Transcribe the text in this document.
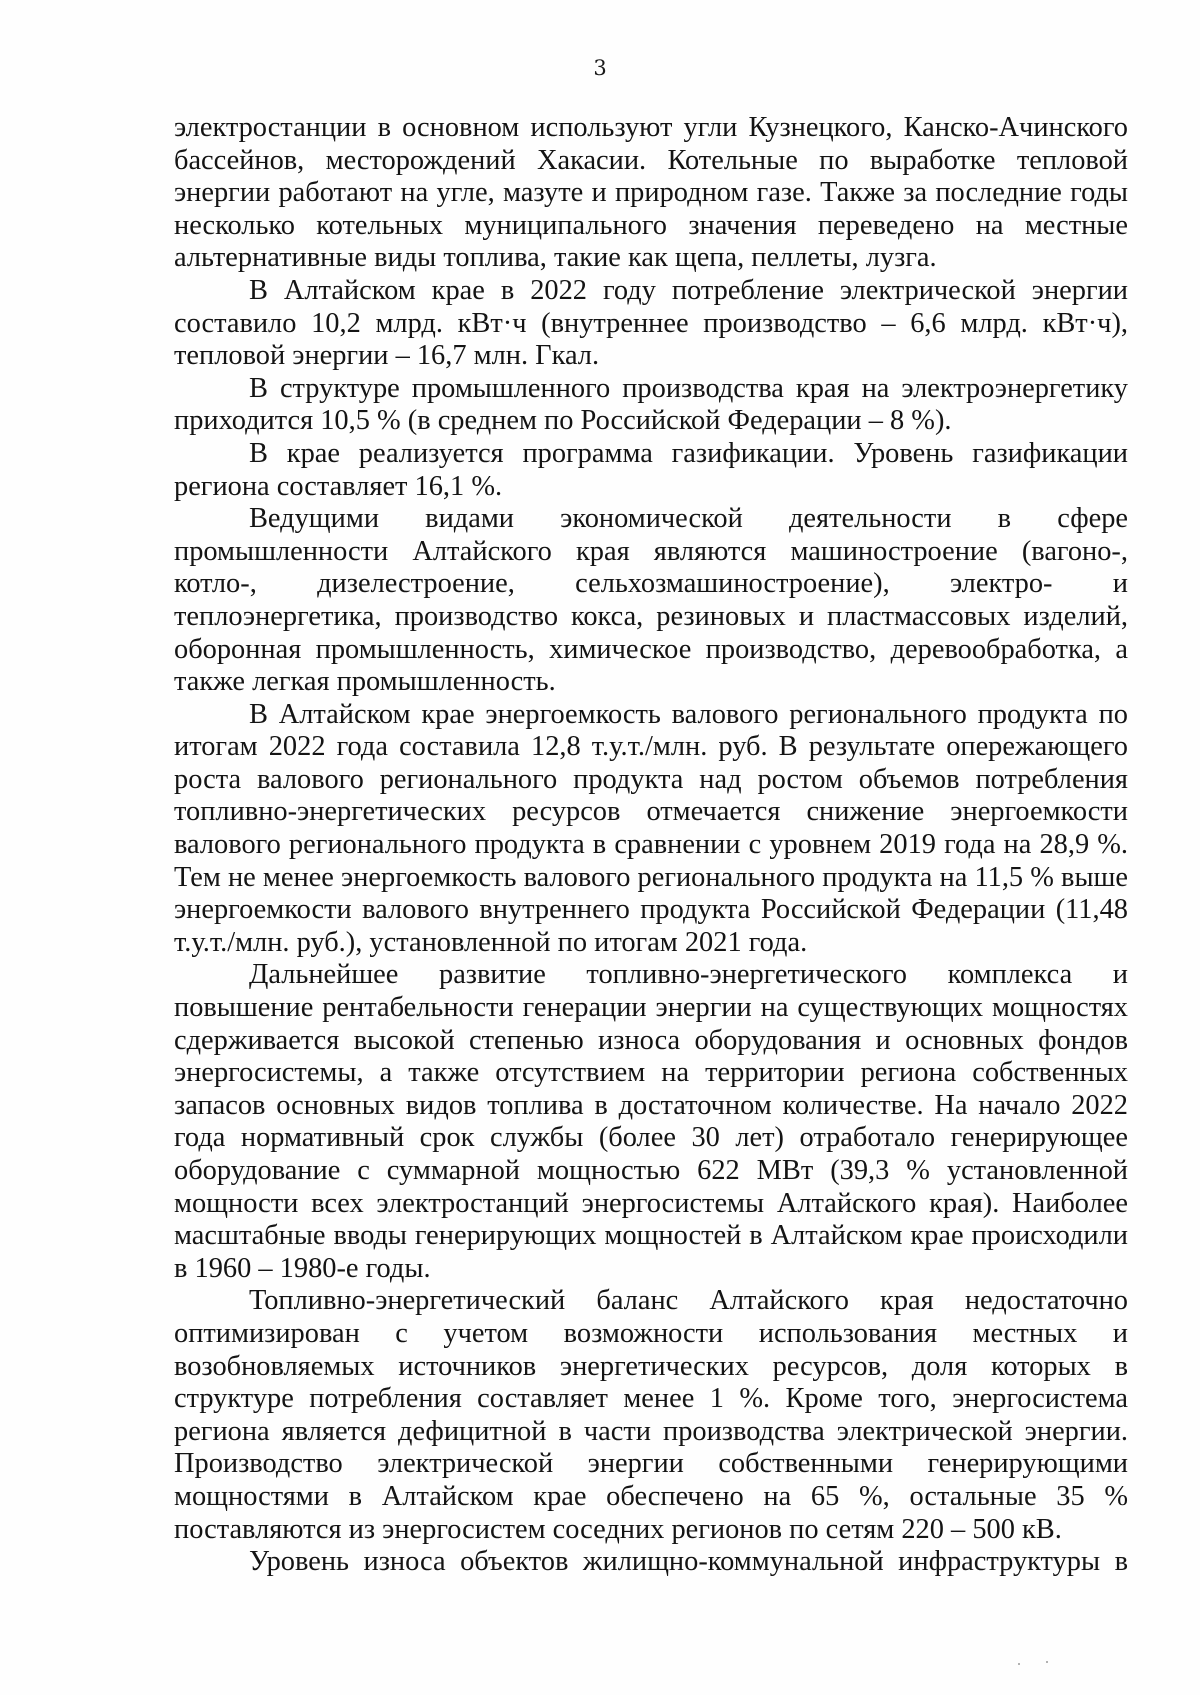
3

электростанции в основном используют угли Кузнецкого, Канско-Ачинского бассейнов, месторождений Хакасии. Котельные по выработке тепловой энергии работают на угле, мазуте и природном газе. Также за последние годы несколько котельных муниципального значения переведено на местные альтернативные виды топлива, такие как щепа, пеллеты, лузга.

В Алтайском крае в 2022 году потребление электрической энергии составило 10,2 млрд. кВт·ч (внутреннее производство – 6,6 млрд. кВт·ч), тепловой энергии – 16,7 млн. Гкал.

В структуре промышленного производства края на электроэнергетику приходится 10,5 % (в среднем по Российской Федерации – 8 %).

В крае реализуется программа газификации. Уровень газификации региона составляет 16,1 %.

Ведущими видами экономической деятельности в сфере промышленности Алтайского края являются машиностроение (вагоно-, котло-, дизелестроение, сельхозмашиностроение), электро- и теплоэнергетика, производство кокса, резиновых и пластмассовых изделий, оборонная промышленность, химическое производство, деревообработка, а также легкая промышленность.

В Алтайском крае энергоемкость валового регионального продукта по итогам 2022 года составила 12,8 т.у.т./млн. руб. В результате опережающего роста валового регионального продукта над ростом объемов потребления топливно-энергетических ресурсов отмечается снижение энергоемкости валового регионального продукта в сравнении с уровнем 2019 года на 28,9 %. Тем не менее энергоемкость валового регионального продукта на 11,5 % выше энергоемкости валового внутреннего продукта Российской Федерации (11,48 т.у.т./млн. руб.), установленной по итогам 2021 года.

Дальнейшее развитие топливно-энергетического комплекса и повышение рентабельности генерации энергии на существующих мощностях сдерживается высокой степенью износа оборудования и основных фондов энергосистемы, а также отсутствием на территории региона собственных запасов основных видов топлива в достаточном количестве. На начало 2022 года нормативный срок службы (более 30 лет) отработало генерирующее оборудование с суммарной мощностью 622 МВт (39,3 % установленной мощности всех электростанций энергосистемы Алтайского края). Наиболее масштабные вводы генерирующих мощностей в Алтайском крае происходили в 1960 – 1980-е годы.

Топливно-энергетический баланс Алтайского края недостаточно оптимизирован с учетом возможности использования местных и возобновляемых источников энергетических ресурсов, доля которых в структуре потребления составляет менее 1 %. Кроме того, энергосистема региона является дефицитной в части производства электрической энергии. Производство электрической энергии собственными генерирующими мощностями в Алтайском крае обеспечено на 65 %, остальные 35 % поставляются из энергосистем соседних регионов по сетям 220 – 500 кВ.

Уровень износа объектов жилищно-коммунальной инфраструктуры в
